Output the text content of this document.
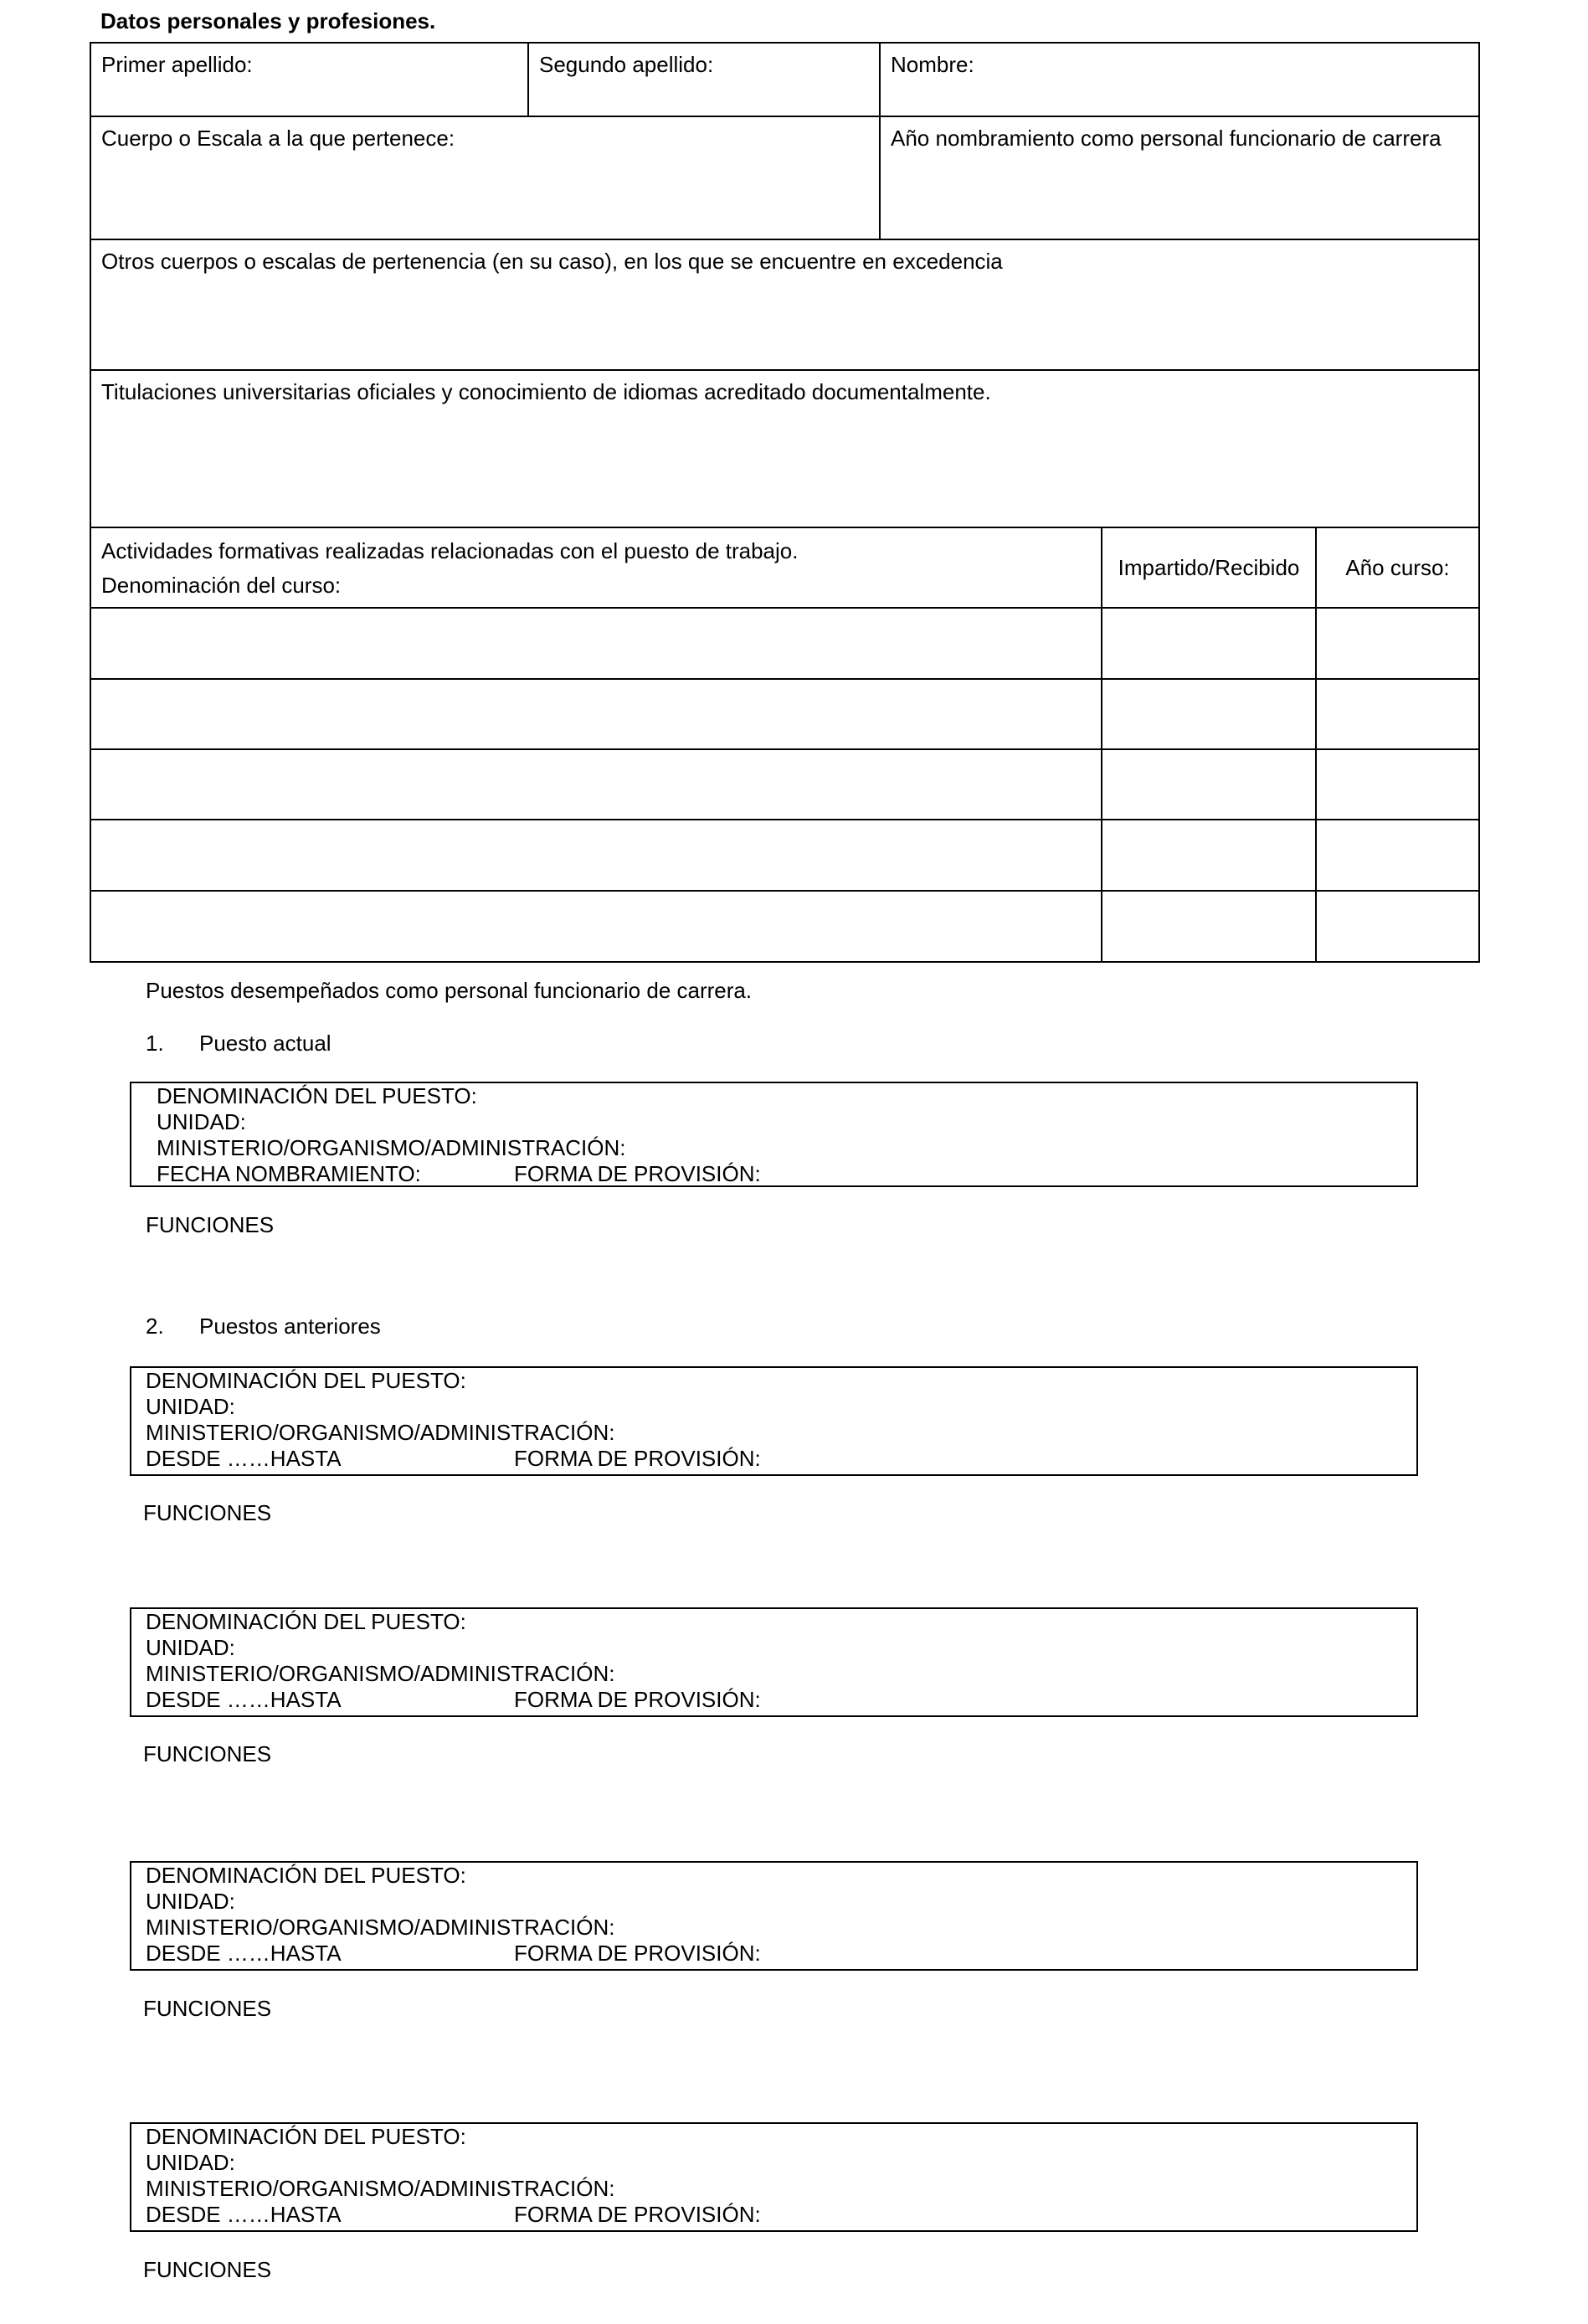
Datos personales y profesiones.
Primer apellido:	Segundo apellido:	Nombre:
Cuerpo o Escala a la que pertenece:		Año nombramiento como personal funcionario de carrera
Otros cuerpos o escalas de pertenencia (en su caso), en los que se encuentre en excedencia		
Titulaciones universitarias oficiales y conocimiento de idiomas acreditado documentalmente.		
Actividades formativas realizadas relacionadas con el puesto de trabajo.
Denominación del curso:	Impartido/Recibido	Año curso:

Puestos desempeñados como personal funcionario de carrera.
1. Puesto actual
DENOMINACIÓN DEL PUESTO:
UNIDAD:
MINISTERIO/ORGANISMO/ADMINISTRACIÓN:
FECHA NOMBRAMIENTO:	FORMA DE PROVISIÓN:
FUNCIONES
2. Puestos anteriores
DENOMINACIÓN DEL PUESTO:
UNIDAD:
MINISTERIO/ORGANISMO/ADMINISTRACIÓN:
DESDE ……HASTA	FORMA DE PROVISIÓN:
FUNCIONES
DENOMINACIÓN DEL PUESTO:
UNIDAD:
MINISTERIO/ORGANISMO/ADMINISTRACIÓN:
DESDE ……HASTA	FORMA DE PROVISIÓN:
FUNCIONES
DENOMINACIÓN DEL PUESTO:
UNIDAD:
MINISTERIO/ORGANISMO/ADMINISTRACIÓN:
DESDE ……HASTA	FORMA DE PROVISIÓN:
FUNCIONES
DENOMINACIÓN DEL PUESTO:
UNIDAD:
MINISTERIO/ORGANISMO/ADMINISTRACIÓN:
DESDE ……HASTA	FORMA DE PROVISIÓN:
FUNCIONES
